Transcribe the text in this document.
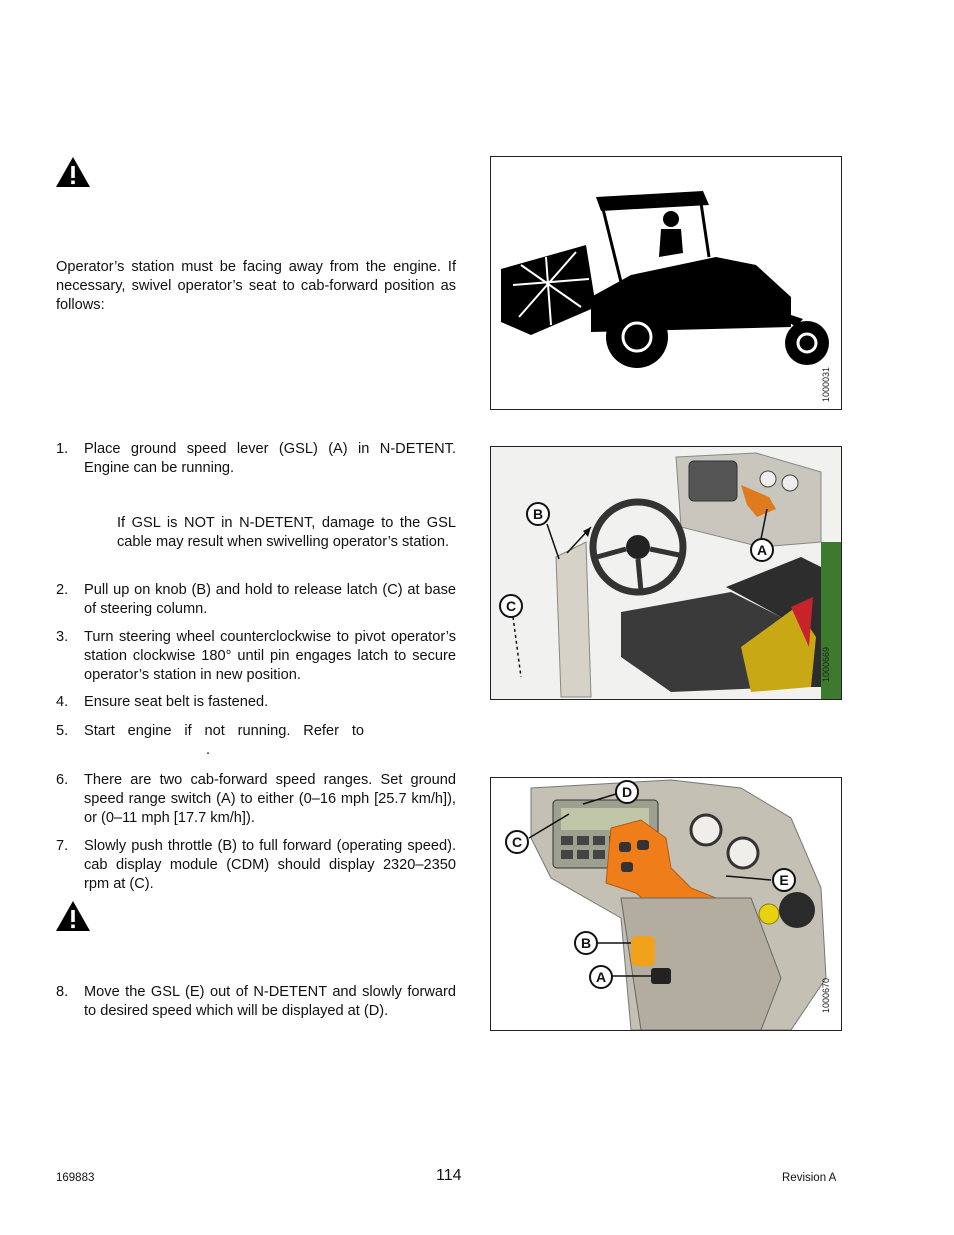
Operator’s station must be facing away from the engine. If necessary, swivel operator’s seat to cab-forward position as follows:
1000031
1. Place ground speed lever (GSL) (A) in N-DETENT. Engine can be running.
If GSL is NOT in N-DETENT, damage to the GSL cable may result when swivelling operator’s station.
2. Pull up on knob (B) and hold to release latch (C) at base of steering column.
3. Turn steering wheel counterclockwise to pivot operator’s station clockwise 180° until pin engages latch to secure operator’s station in new position.
4. Ensure seat belt is fastened.
5. Start engine if not running. Refer to
.
B
C
A
1000669
6. There are two cab-forward speed ranges. Set ground speed range switch (A) to either (0–16 mph [25.7 km/h]), or (0–11 mph [17.7 km/h]).
7. Slowly push throttle (B) to full forward (operating speed). cab display module (CDM) should display 2320–2350 rpm at (C).
8. Move the GSL (E) out of N-DETENT and slowly forward to desired speed which will be displayed at (D).
D
C
E
B
A
1000670
169883	114	Revision A
